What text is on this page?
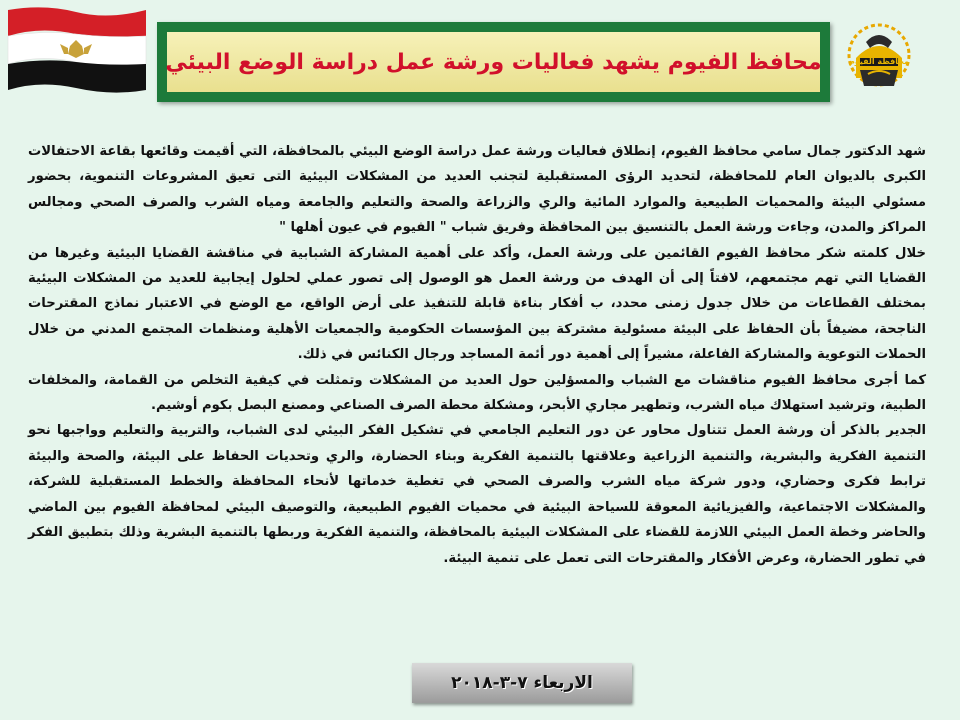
محافظ الفيوم يشهد فعاليات ورشة عمل دراسة الوضع البيئي	محافظة الفيوم

شهد الدكتور جمال سامي محافظ الفيوم، إنطلاق فعاليات ورشة عمل دراسة الوضع البيئي بالمحافظة، التي أقيمت وقائعها بقاعة الاحتفالات الكبرى بالديوان العام للمحافظة، لتحديد الرؤى المستقبلية لتجنب العديد من المشكلات البيئية التى تعيق المشروعات التنموية، بحضور مسئولي البيئة والمحميات الطبيعية والموارد المائية والري والزراعة والصحة والتعليم والجامعة ومياه الشرب والصرف الصحي ومجالس المراكز والمدن، وجاءت ورشة العمل بالتنسيق بين المحافظة وفريق شباب " الفيوم في عيون أهلها "

خلال كلمته شكر محافظ الفيوم القائمين على ورشة العمل، وأكد على أهمية المشاركة الشبابية في مناقشة القضايا البيئية وغيرها من القضايا التي تهم مجتمعهم، لافتاً إلى أن الهدف من ورشة العمل هو الوصول إلى تصور عملي لحلول إيجابية للعديد من المشكلات البيئية بمختلف القطاعات من خلال جدول زمنى محدد، ب أفكار بناءة قابلة للتنفيذ على أرض الواقع، مع الوضع في الاعتبار نماذج المقترحات الناجحة، مضيفاً بأن الحفاظ على البيئة مسئولية مشتركة بين المؤسسات الحكومية والجمعيات الأهلية ومنظمات المجتمع المدني من خلال الحملات التوعوية والمشاركة الفاعلة، مشيراً إلى أهمية دور أئمة المساجد ورجال الكنائس في ذلك.

كما أجرى محافظ الفيوم مناقشات مع الشباب والمسؤلين حول العديد من المشكلات وتمثلت في كيفية التخلص من القمامة، والمخلفات الطبية، وترشيد استهلاك مياه الشرب، وتطهير مجاري الأبحر، ومشكلة محطة الصرف الصناعي ومصنع البصل بكوم أوشيم.

الجدير بالذكر أن ورشة العمل تتناول محاور عن دور التعليم الجامعي في تشكيل الفكر البيئي لدى الشباب، والتربية والتعليم وواجبها نحو التنمية الفكرية والبشرية، والتنمية الزراعية وعلاقتها بالتنمية الفكرية وبناء الحضارة، والري وتحديات الحفاظ على البيئة، والصحة والبيئة ترابط فكرى وحضاري، ودور شركة مياه الشرب والصرف الصحي في تغطية خدماتها لأنحاء المحافظة والخطط المستقبلية للشركة، والمشكلات الاجتماعية، والفيزيائية المعوقة للسياحة البيئية في محميات الفيوم الطبيعية، والتوصيف البيئي لمحافظة الفيوم بين الماضي والحاضر وخطة العمل البيئي اللازمة للقضاء على المشكلات البيئية بالمحافظة، والتنمية الفكرية وربطها بالتنمية البشرية وذلك بتطبيق الفكر في تطور الحضارة، وعرض الأفكار والمقترحات التى تعمل على تنمية البيئة.

الاربعاء ٧-٣-٢٠١٨
